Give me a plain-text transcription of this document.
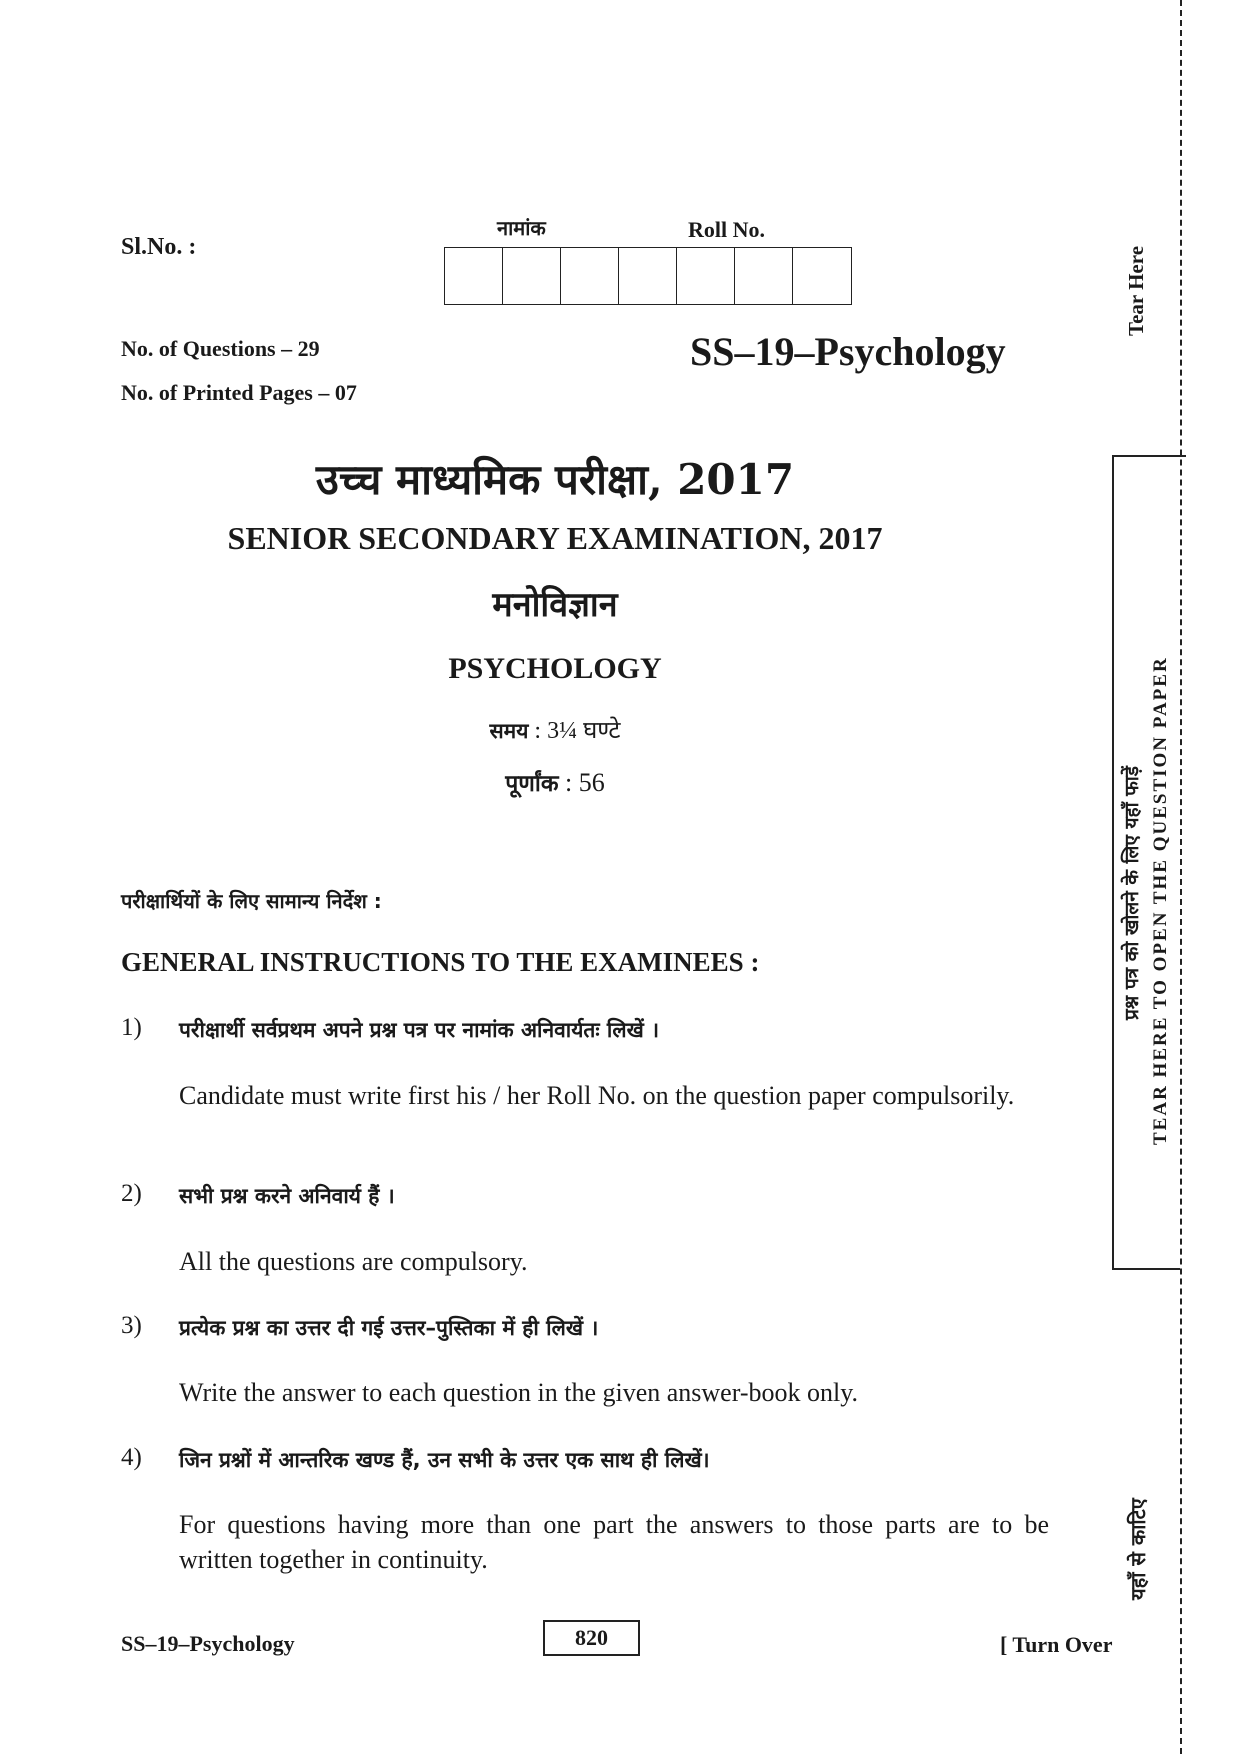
Sl.No. :
नामांक	Roll No.
No. of Questions – 29
No. of Printed Pages – 07
SS–19–Psychology
उच्च माध्यमिक परीक्षा, 2017
SENIOR SECONDARY EXAMINATION, 2017
मनोविज्ञान
PSYCHOLOGY
समय : 3¼ घण्टे
पूर्णांक : 56
परीक्षार्थियों के लिए सामान्य निर्देश :
GENERAL INSTRUCTIONS TO THE EXAMINEES :
1) परीक्षार्थी सर्वप्रथम अपने प्रश्न पत्र पर नामांक अनिवार्यतः लिखें ।
Candidate must write first his / her Roll No. on the question paper compulsorily.
2) सभी प्रश्न करने अनिवार्य हैं ।
All the questions are compulsory.
3) प्रत्येक प्रश्न का उत्तर दी गई उत्तर–पुस्तिका में ही लिखें ।
Write the answer to each question in the given answer-book only.
4) जिन प्रश्नों में आन्तरिक खण्ड हैं, उन सभी के उत्तर एक साथ ही लिखें।
For questions having more than one part the answers to those parts are to be written together in continuity.
SS–19–Psychology	820	[ Turn Over
Tear Here
प्रश्न पत्र को खोलने के लिए यहाँ फाड़ें TEAR HERE TO OPEN THE QUESTION PAPER
यहाँ से काटिए
